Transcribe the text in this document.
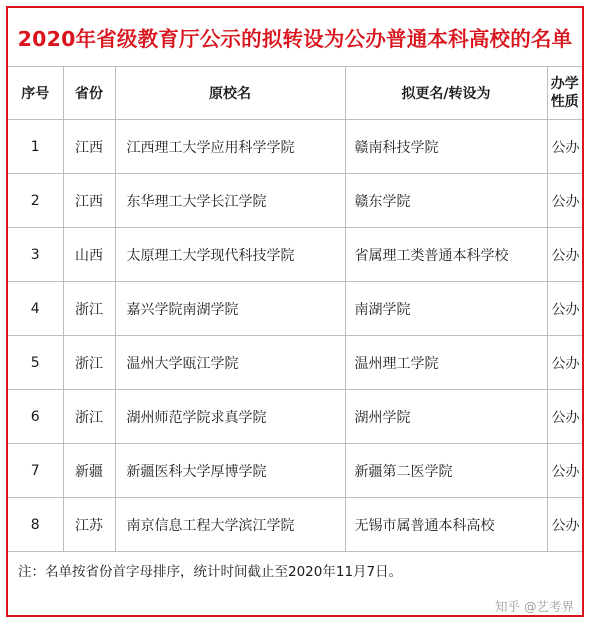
2020年省级教育厅公示的拟转设为公办普通本科高校的名单
序号	省份	原校名	拟更名/转设为	办学性质
1	江西	江西理工大学应用科学学院	赣南科技学院	公办
2	江西	东华理工大学长江学院	赣东学院	公办
3	山西	太原理工大学现代科技学院	省属理工类普通本科学校	公办
4	浙江	嘉兴学院南湖学院	南湖学院	公办
5	浙江	温州大学瓯江学院	温州理工学院	公办
6	浙江	湖州师范学院求真学院	湖州学院	公办
7	新疆	新疆医科大学厚博学院	新疆第二医学院	公办
8	江苏	南京信息工程大学滨江学院	无锡市属普通本科高校	公办
注：名单按省份首字母排序，统计时间截止至2020年11月7日。
知乎 @艺考界
